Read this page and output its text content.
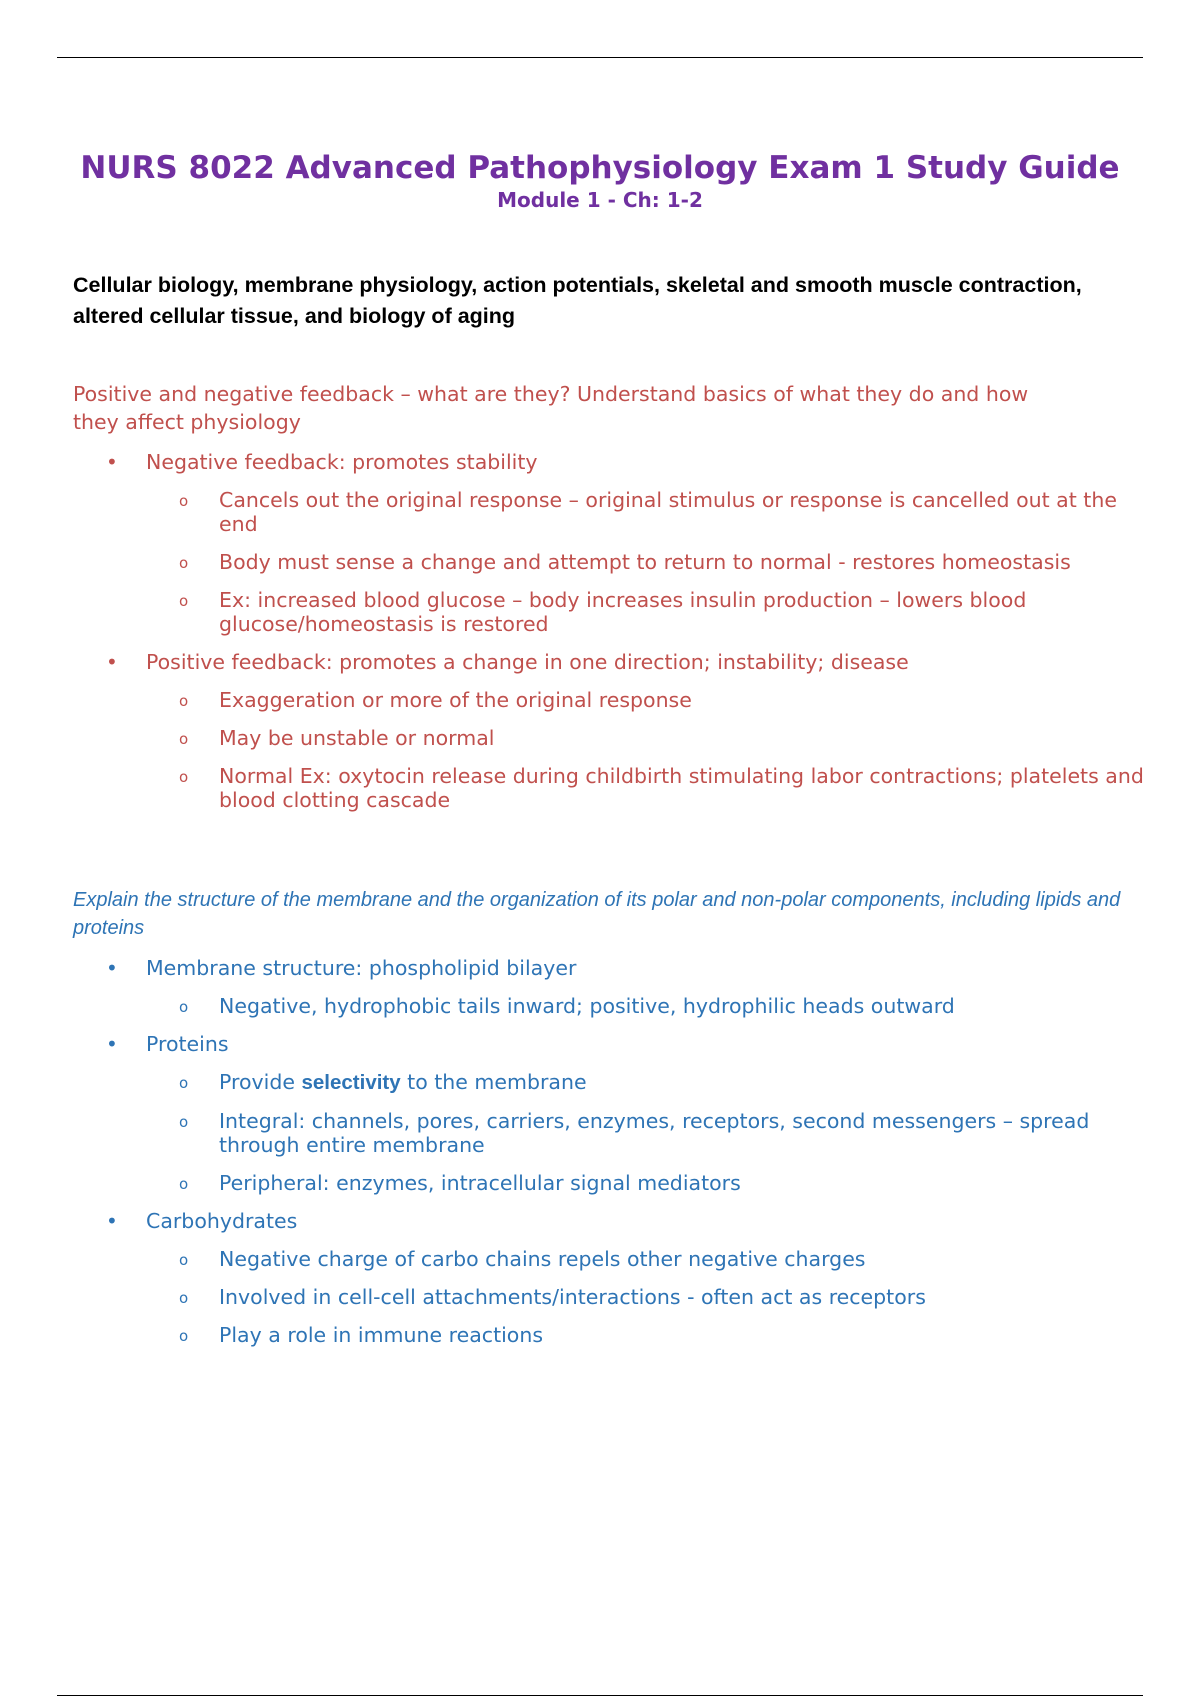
NURS 8022 Advanced Pathophysiology Exam 1 Study Guide
Module 1 - Ch: 1-2

Cellular biology, membrane physiology, action potentials, skeletal and smooth muscle contraction, altered cellular tissue, and biology of aging

Positive and negative feedback – what are they? Understand basics of what they do and how they affect physiology

• Negative feedback: promotes stability
o Cancels out the original response – original stimulus or response is cancelled out at the end
o Body must sense a change and attempt to return to normal - restores homeostasis
o Ex: increased blood glucose – body increases insulin production – lowers blood glucose/homeostasis is restored
• Positive feedback: promotes a change in one direction; instability; disease
o Exaggeration or more of the original response
o May be unstable or normal
o Normal Ex: oxytocin release during childbirth stimulating labor contractions; platelets and blood clotting cascade

Explain the structure of the membrane and the organization of its polar and non-polar components, including lipids and proteins

• Membrane structure: phospholipid bilayer
o Negative, hydrophobic tails inward; positive, hydrophilic heads outward
• Proteins
o Provide selectivity to the membrane
o Integral: channels, pores, carriers, enzymes, receptors, second messengers – spread through entire membrane
o Peripheral: enzymes, intracellular signal mediators
• Carbohydrates
o Negative charge of carbo chains repels other negative charges
o Involved in cell-cell attachments/interactions - often act as receptors
o Play a role in immune reactions
